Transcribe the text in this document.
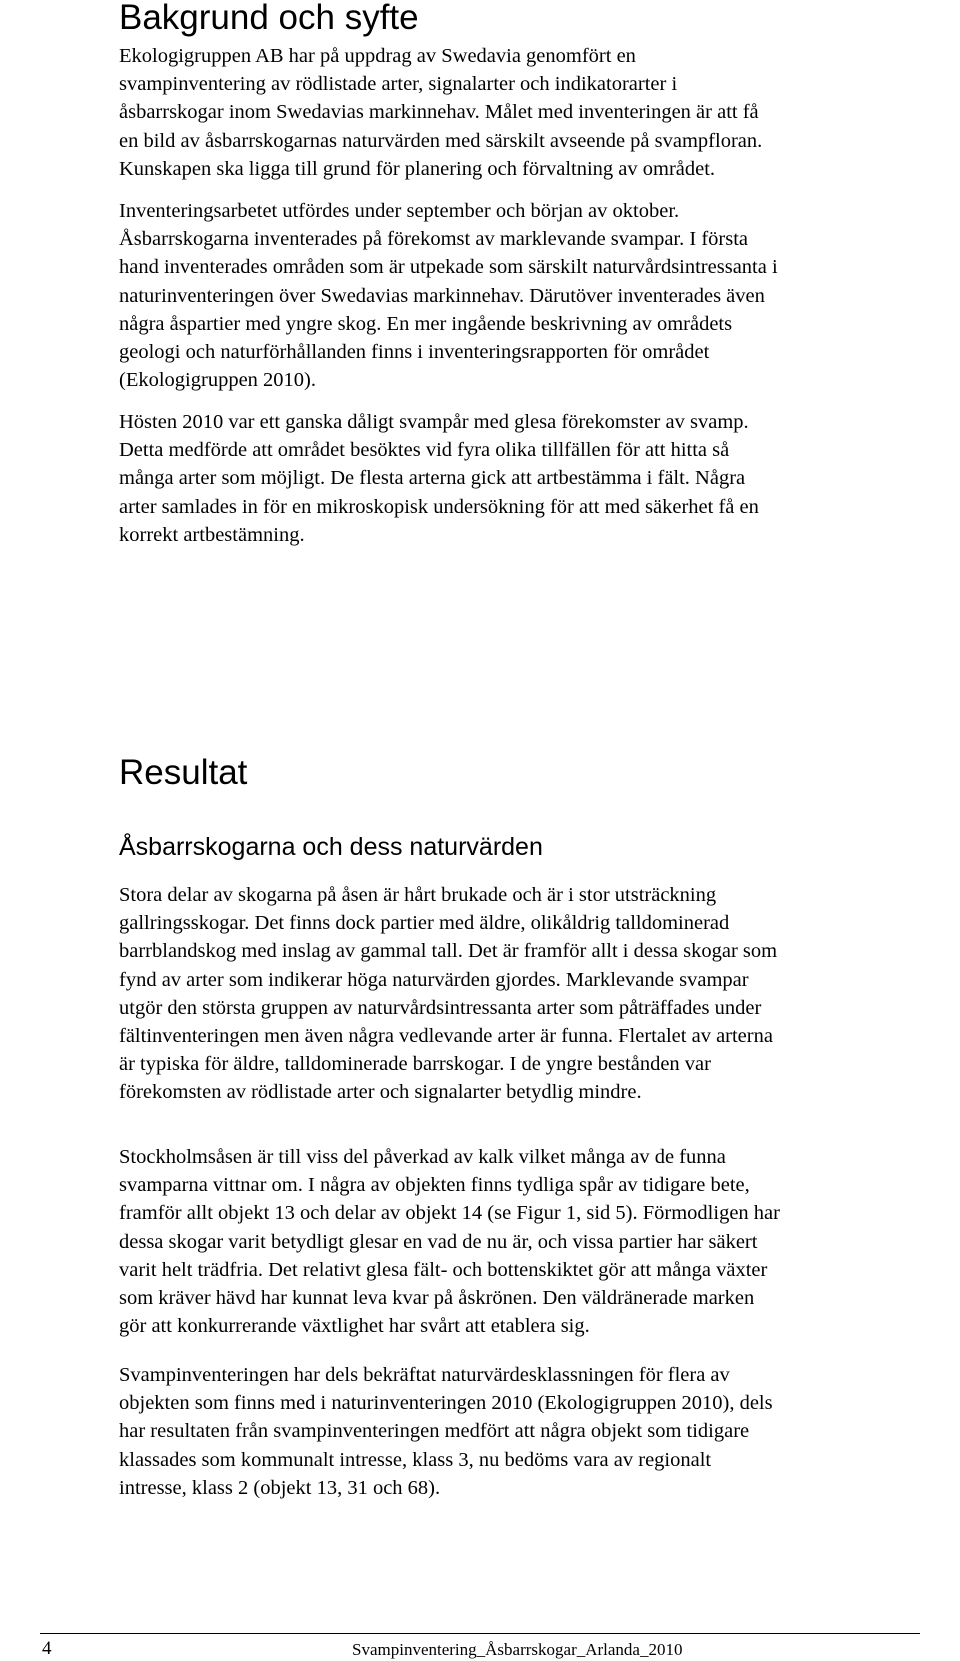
Bakgrund och syfte

Ekologigruppen AB har på uppdrag av Swedavia genomfört en
svampinventering av rödlistade arter, signalarter och indikatorarter i
åsbarrskogar inom Swedavias markinnehav. Målet med inventeringen är att få
en bild av åsbarrskogarnas naturvärden med särskilt avseende på svampfloran.
Kunskapen ska ligga till grund för planering och förvaltning av området.

Inventeringsarbetet utfördes under september och början av oktober.
Åsbarrskogarna inventerades på förekomst av marklevande svampar. I första
hand inventerades områden som är utpekade som särskilt naturvårdsintressanta i
naturinventeringen över Swedavias markinnehav. Därutöver inventerades även
några åspartier med yngre skog. En mer ingående beskrivning av områdets
geologi och naturförhållanden finns i inventeringsrapporten för området
(Ekologigruppen 2010).

Hösten 2010 var ett ganska dåligt svampår med glesa förekomster av svamp.
Detta medförde att området besöktes vid fyra olika tillfällen för att hitta så
många arter som möjligt. De flesta arterna gick att artbestämma i fält. Några
arter samlades in för en mikroskopisk undersökning för att med säkerhet få en
korrekt artbestämning.

Resultat
Åsbarrskogarna och dess naturvärden

Stora delar av skogarna på åsen är hårt brukade och är i stor utsträckning
gallringsskogar. Det finns dock partier med äldre, olikåldrig talldominerad
barrblandskog med inslag av gammal tall. Det är framför allt i dessa skogar som
fynd av arter som indikerar höga naturvärden gjordes. Marklevande svampar
utgör den största gruppen av naturvårdsintressanta arter som påträffades under
fältinventeringen men även några vedlevande arter är funna. Flertalet av arterna
är typiska för äldre, talldominerade barrskogar. I de yngre bestånden var
förekomsten av rödlistade arter och signalarter betydlig mindre.

Stockholmsåsen är till viss del påverkad av kalk vilket många av de funna
svamparna vittnar om. I några av objekten finns tydliga spår av tidigare bete,
framför allt objekt 13 och delar av objekt 14 (se Figur 1, sid 5). Förmodligen har
dessa skogar varit betydligt glesar en vad de nu är, och vissa partier har säkert
varit helt trädfria. Det relativt glesa fält- och bottenskiktet gör att många växter
som kräver hävd har kunnat leva kvar på åskrönen. Den väldränerade marken
gör att konkurrerande växtlighet har svårt att etablera sig.

Svampinventeringen har dels bekräftat naturvärdesklassningen för flera av
objekten som finns med i naturinventeringen 2010 (Ekologigruppen 2010), dels
har resultaten från svampinventeringen medfört att några objekt som tidigare
klassades som kommunalt intresse, klass 3, nu bedöms vara av regionalt
intresse, klass 2 (objekt 13, 31 och 68).

4	Svampinventering_Åsbarrskogar_Arlanda_2010
